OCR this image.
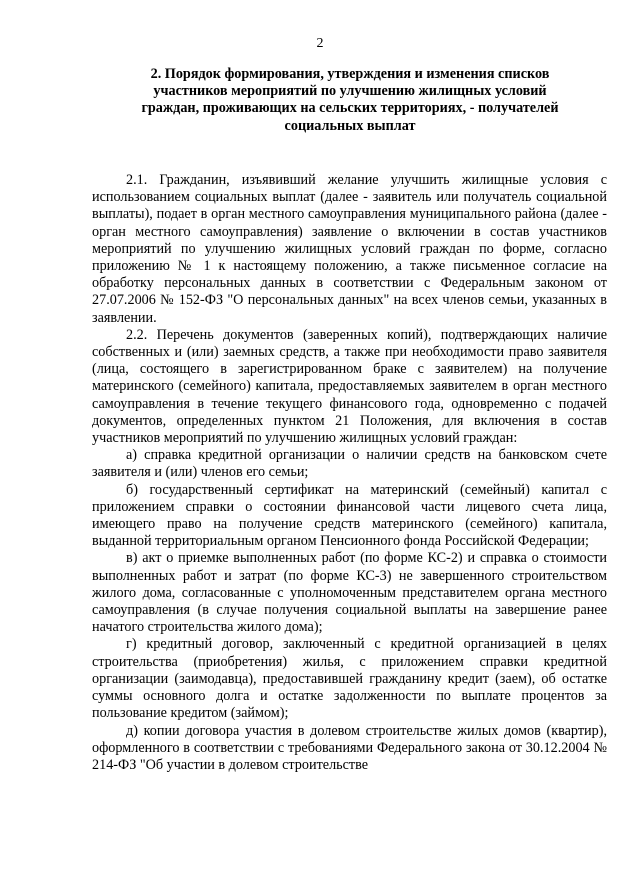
2
2. Порядок формирования, утверждения и изменения списков участников мероприятий по улучшению жилищных условий граждан, проживающих на сельских территориях, - получателей социальных выплат

2.1. Гражданин, изъявивший желание улучшить жилищные условия с использованием социальных выплат (далее - заявитель или получатель социальной выплаты), подает в орган местного самоуправления муниципального района (далее - орган местного самоуправления) заявление о включении в состав участников мероприятий по улучшению жилищных условий граждан по форме, согласно приложению № 1 к настоящему положению, а также письменное согласие на обработку персональных данных в соответствии с Федеральным законом от 27.07.2006 № 152-ФЗ "О персональных данных" на всех членов семьи, указанных в заявлении.

2.2. Перечень документов (заверенных копий), подтверждающих наличие собственных и (или) заемных средств, а также при необходимости право заявителя (лица, состоящего в зарегистрированном браке с заявителем) на получение материнского (семейного) капитала, предоставляемых заявителем в орган местного самоуправления в течение текущего финансового года, одновременно с подачей документов, определенных пунктом 21 Положения, для включения в состав участников мероприятий по улучшению жилищных условий граждан:

а) справка кредитной организации о наличии средств на банковском счете заявителя и (или) членов его семьи;

б) государственный сертификат на материнский (семейный) капитал с приложением справки о состоянии финансовой части лицевого счета лица, имеющего право на получение средств материнского (семейного) капитала, выданной территориальным органом Пенсионного фонда Российской Федерации;

в) акт о приемке выполненных работ (по форме КС-2) и справка о стоимости выполненных работ и затрат (по форме КС-3) не завершенного строительством жилого дома, согласованные с уполномоченным представителем органа местного самоуправления (в случае получения социальной выплаты на завершение ранее начатого строительства жилого дома);

г) кредитный договор, заключенный с кредитной организацией в целях строительства (приобретения) жилья, с приложением справки кредитной организации (заимодавца), предоставившей гражданину кредит (заем), об остатке суммы основного долга и остатке задолженности по выплате процентов за пользование кредитом (займом);

д) копии договора участия в долевом строительстве жилых домов (квартир), оформленного в соответствии с требованиями Федерального закона от 30.12.2004 № 214-ФЗ "Об участии в долевом строительстве
